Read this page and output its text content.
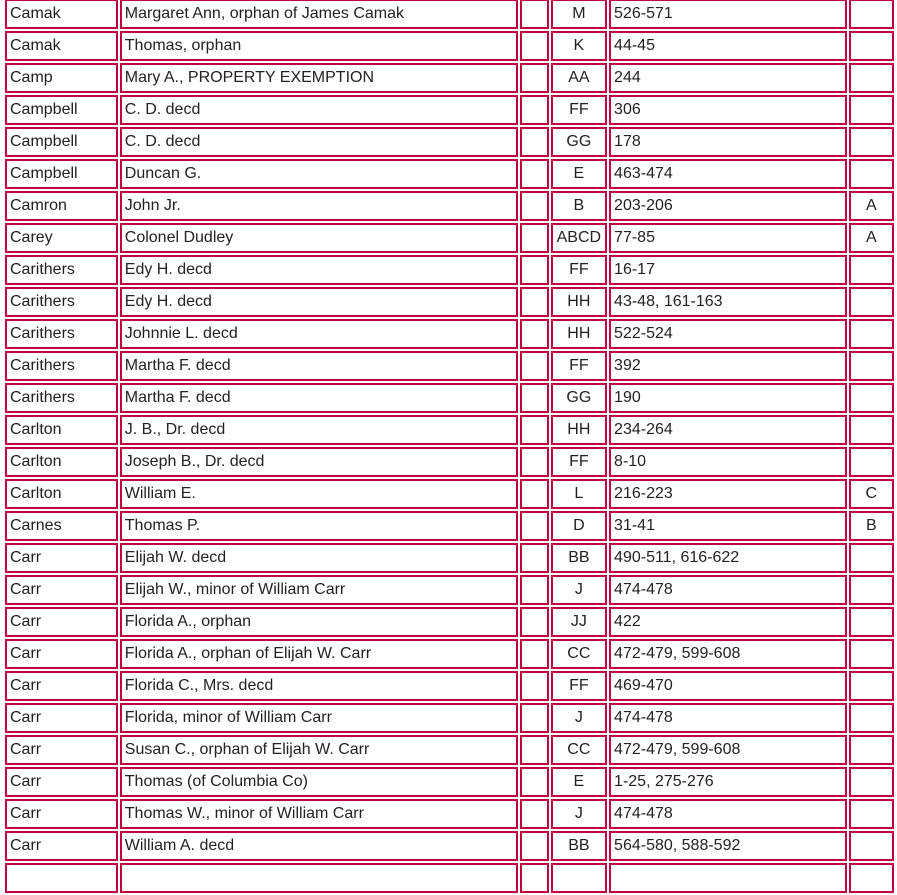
Camak	Margaret Ann, orphan of James Camak		M	526-571	
Camak	Thomas, orphan		K	44-45	
Camp	Mary A., PROPERTY EXEMPTION		AA	244	
Campbell	C. D. decd		FF	306	
Campbell	C. D. decd		GG	178	
Campbell	Duncan G.		E	463-474	
Camron	John Jr.		B	203-206	A
Carey	Colonel Dudley		ABCD	77-85	A
Carithers	Edy H. decd		FF	16-17	
Carithers	Edy H. decd		HH	43-48, 161-163	
Carithers	Johnnie L. decd		HH	522-524	
Carithers	Martha F. decd		FF	392	
Carithers	Martha F. decd		GG	190	
Carlton	J. B., Dr. decd		HH	234-264	
Carlton	Joseph B., Dr. decd		FF	8-10	
Carlton	William E.		L	216-223	C
Carnes	Thomas P.		D	31-41	B
Carr	Elijah W. decd		BB	490-511, 616-622	
Carr	Elijah W., minor of William Carr		J	474-478	
Carr	Florida A., orphan		JJ	422	
Carr	Florida A., orphan of Elijah W. Carr		CC	472-479, 599-608	
Carr	Florida C., Mrs. decd		FF	469-470	
Carr	Florida, minor of William Carr		J	474-478	
Carr	Susan C., orphan of Elijah W. Carr		CC	472-479, 599-608	
Carr	Thomas (of Columbia Co)		E	1-25, 275-276	
Carr	Thomas W., minor of William Carr		J	474-478	
Carr	William A. decd		BB	564-580, 588-592	
